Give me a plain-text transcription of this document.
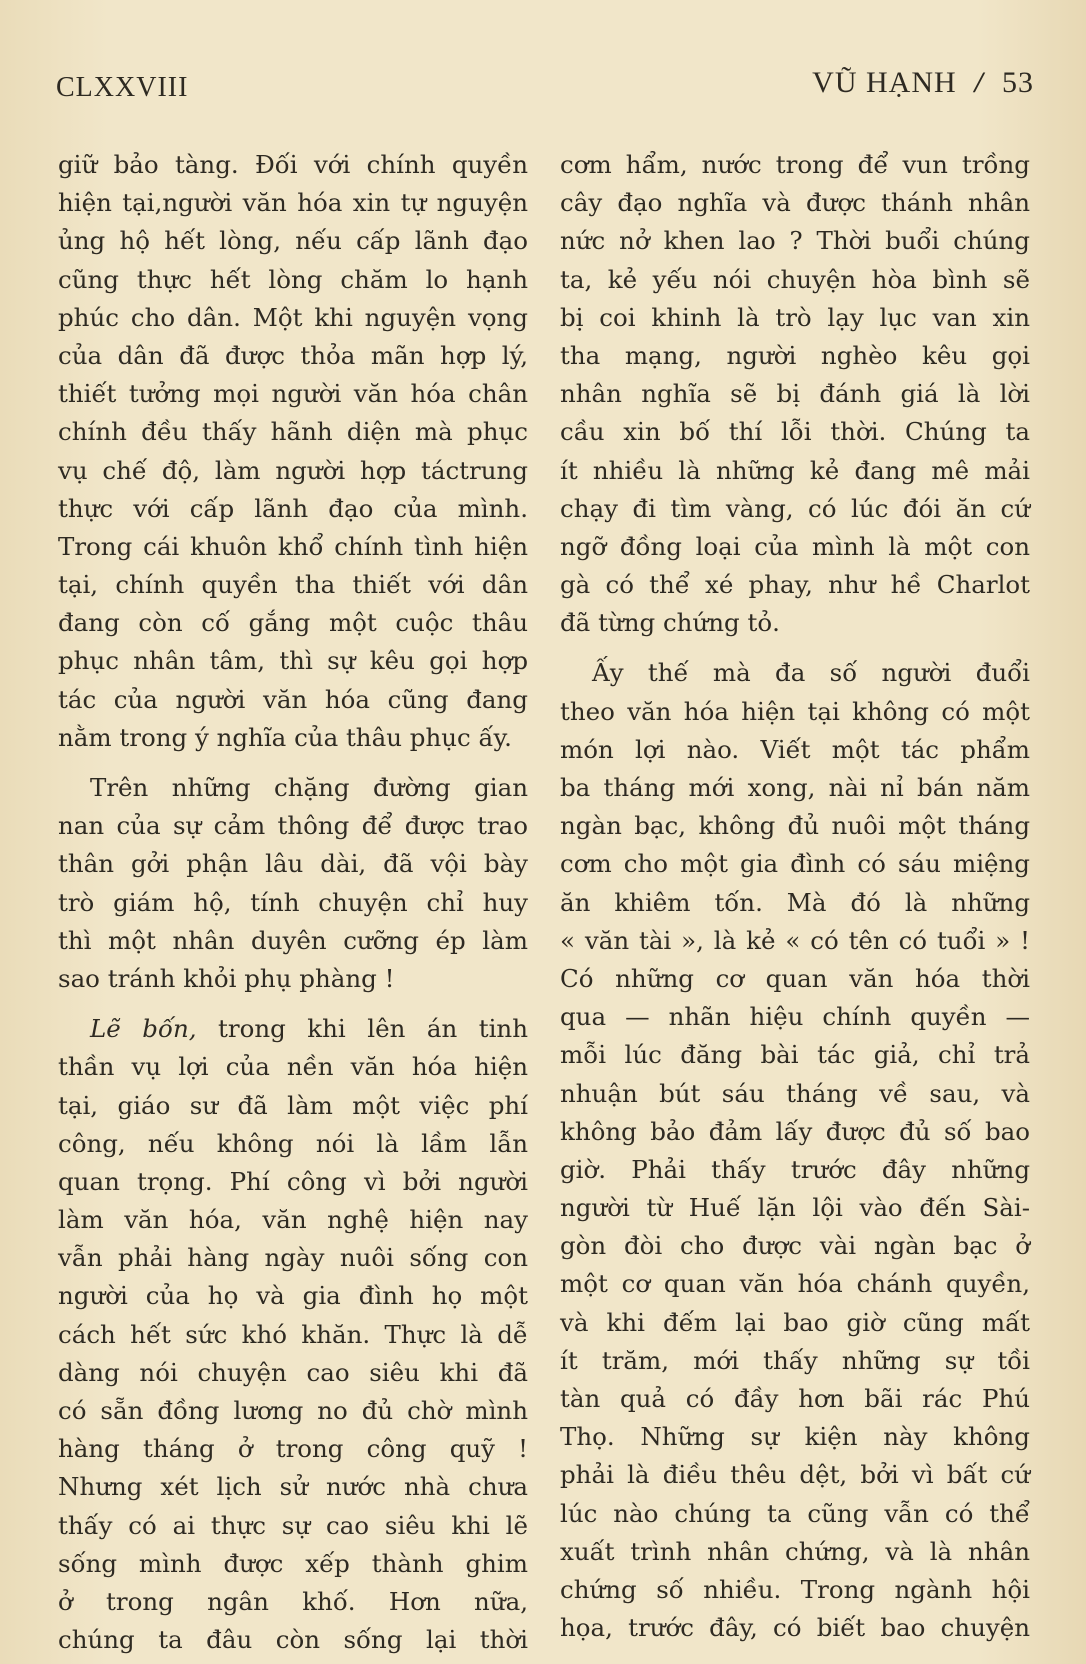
CLXXVIII	VŨ HẠNH / 53
giữ bảo tàng. Đối với chính quyền
hiện tại,người văn hóa xin tự nguyện
ủng hộ hết lòng, nếu cấp lãnh đạo
cũng thực hết lòng chăm lo hạnh
phúc cho dân. Một khi nguyện vọng
của dân đã được thỏa mãn hợp lý,
thiết tưởng mọi người văn hóa chân
chính đều thấy hãnh diện mà phục
vụ chế độ, làm người hợp táctrung
thực với cấp lãnh đạo của mình.
Trong cái khuôn khổ chính tình hiện
tại, chính quyền tha thiết với dân
đang còn cố gắng một cuộc thâu
phục nhân tâm, thì sự kêu gọi hợp
tác của người văn hóa cũng đang
nằm trong ý nghĩa của thâu phục ấy.
Trên những chặng đường gian
nan của sự cảm thông để được trao
thân gởi phận lâu dài, đã vội bày
trò giám hộ, tính chuyện chỉ huy
thì một nhân duyên cưỡng ép làm
sao tránh khỏi phụ phàng !
Lẽ bốn, trong khi lên án tinh
thần vụ lợi của nền văn hóa hiện
tại, giáo sư đã làm một việc phí
công, nếu không nói là lầm lẫn
quan trọng. Phí công vì bởi người
làm văn hóa, văn nghệ hiện nay
vẫn phải hàng ngày nuôi sống con
người của họ và gia đình họ một
cách hết sức khó khăn. Thực là dễ
dàng nói chuyện cao siêu khi đã
có sẵn đồng lương no đủ chờ mình
hàng tháng ở trong công quỹ !
Nhưng xét lịch sử nước nhà chưa
thấy có ai thực sự cao siêu khi lẽ
sống mình được xếp thành ghim
ở trong ngân khố. Hơn nữa,
chúng ta đâu còn sống lại thời
cơm hẩm, nước trong để vun trồng
cây đạo nghĩa và được thánh nhân
nức nở khen lao ? Thời buổi chúng
ta, kẻ yếu nói chuyện hòa bình sẽ
bị coi khinh là trò lạy lục van xin
tha mạng, người nghèo kêu gọi
nhân nghĩa sẽ bị đánh giá là lời
cầu xin bố thí lỗi thời. Chúng ta
ít nhiều là những kẻ đang mê mải
chạy đi tìm vàng, có lúc đói ăn cứ
ngỡ đồng loại của mình là một con
gà có thể xé phay, như hề Charlot
đã từng chứng tỏ.
Ấy thế mà đa số người đuổi
theo văn hóa hiện tại không có một
món lợi nào. Viết một tác phẩm
ba tháng mới xong, nài nỉ bán năm
ngàn bạc, không đủ nuôi một tháng
cơm cho một gia đình có sáu miệng
ăn khiêm tốn. Mà đó là những
« văn tài », là kẻ « có tên có tuổi » !
Có những cơ quan văn hóa thời
qua — nhãn hiệu chính quyền —
mỗi lúc đăng bài tác giả, chỉ trả
nhuận bút sáu tháng về sau, và
không bảo đảm lấy được đủ số bao
giờ. Phải thấy trước đây những
người từ Huế lặn lội vào đến Sài-
gòn đòi cho được vài ngàn bạc ở
một cơ quan văn hóa chánh quyền,
và khi đếm lại bao giờ cũng mất
ít trăm, mới thấy những sự tồi
tàn quả có đầy hơn bãi rác Phú
Thọ. Những sự kiện này không
phải là điều thêu dệt, bởi vì bất cứ
lúc nào chúng ta cũng vẫn có thể
xuất trình nhân chứng, và là nhân
chứng số nhiều. Trong ngành hội
họa, trước đây, có biết bao chuyện
